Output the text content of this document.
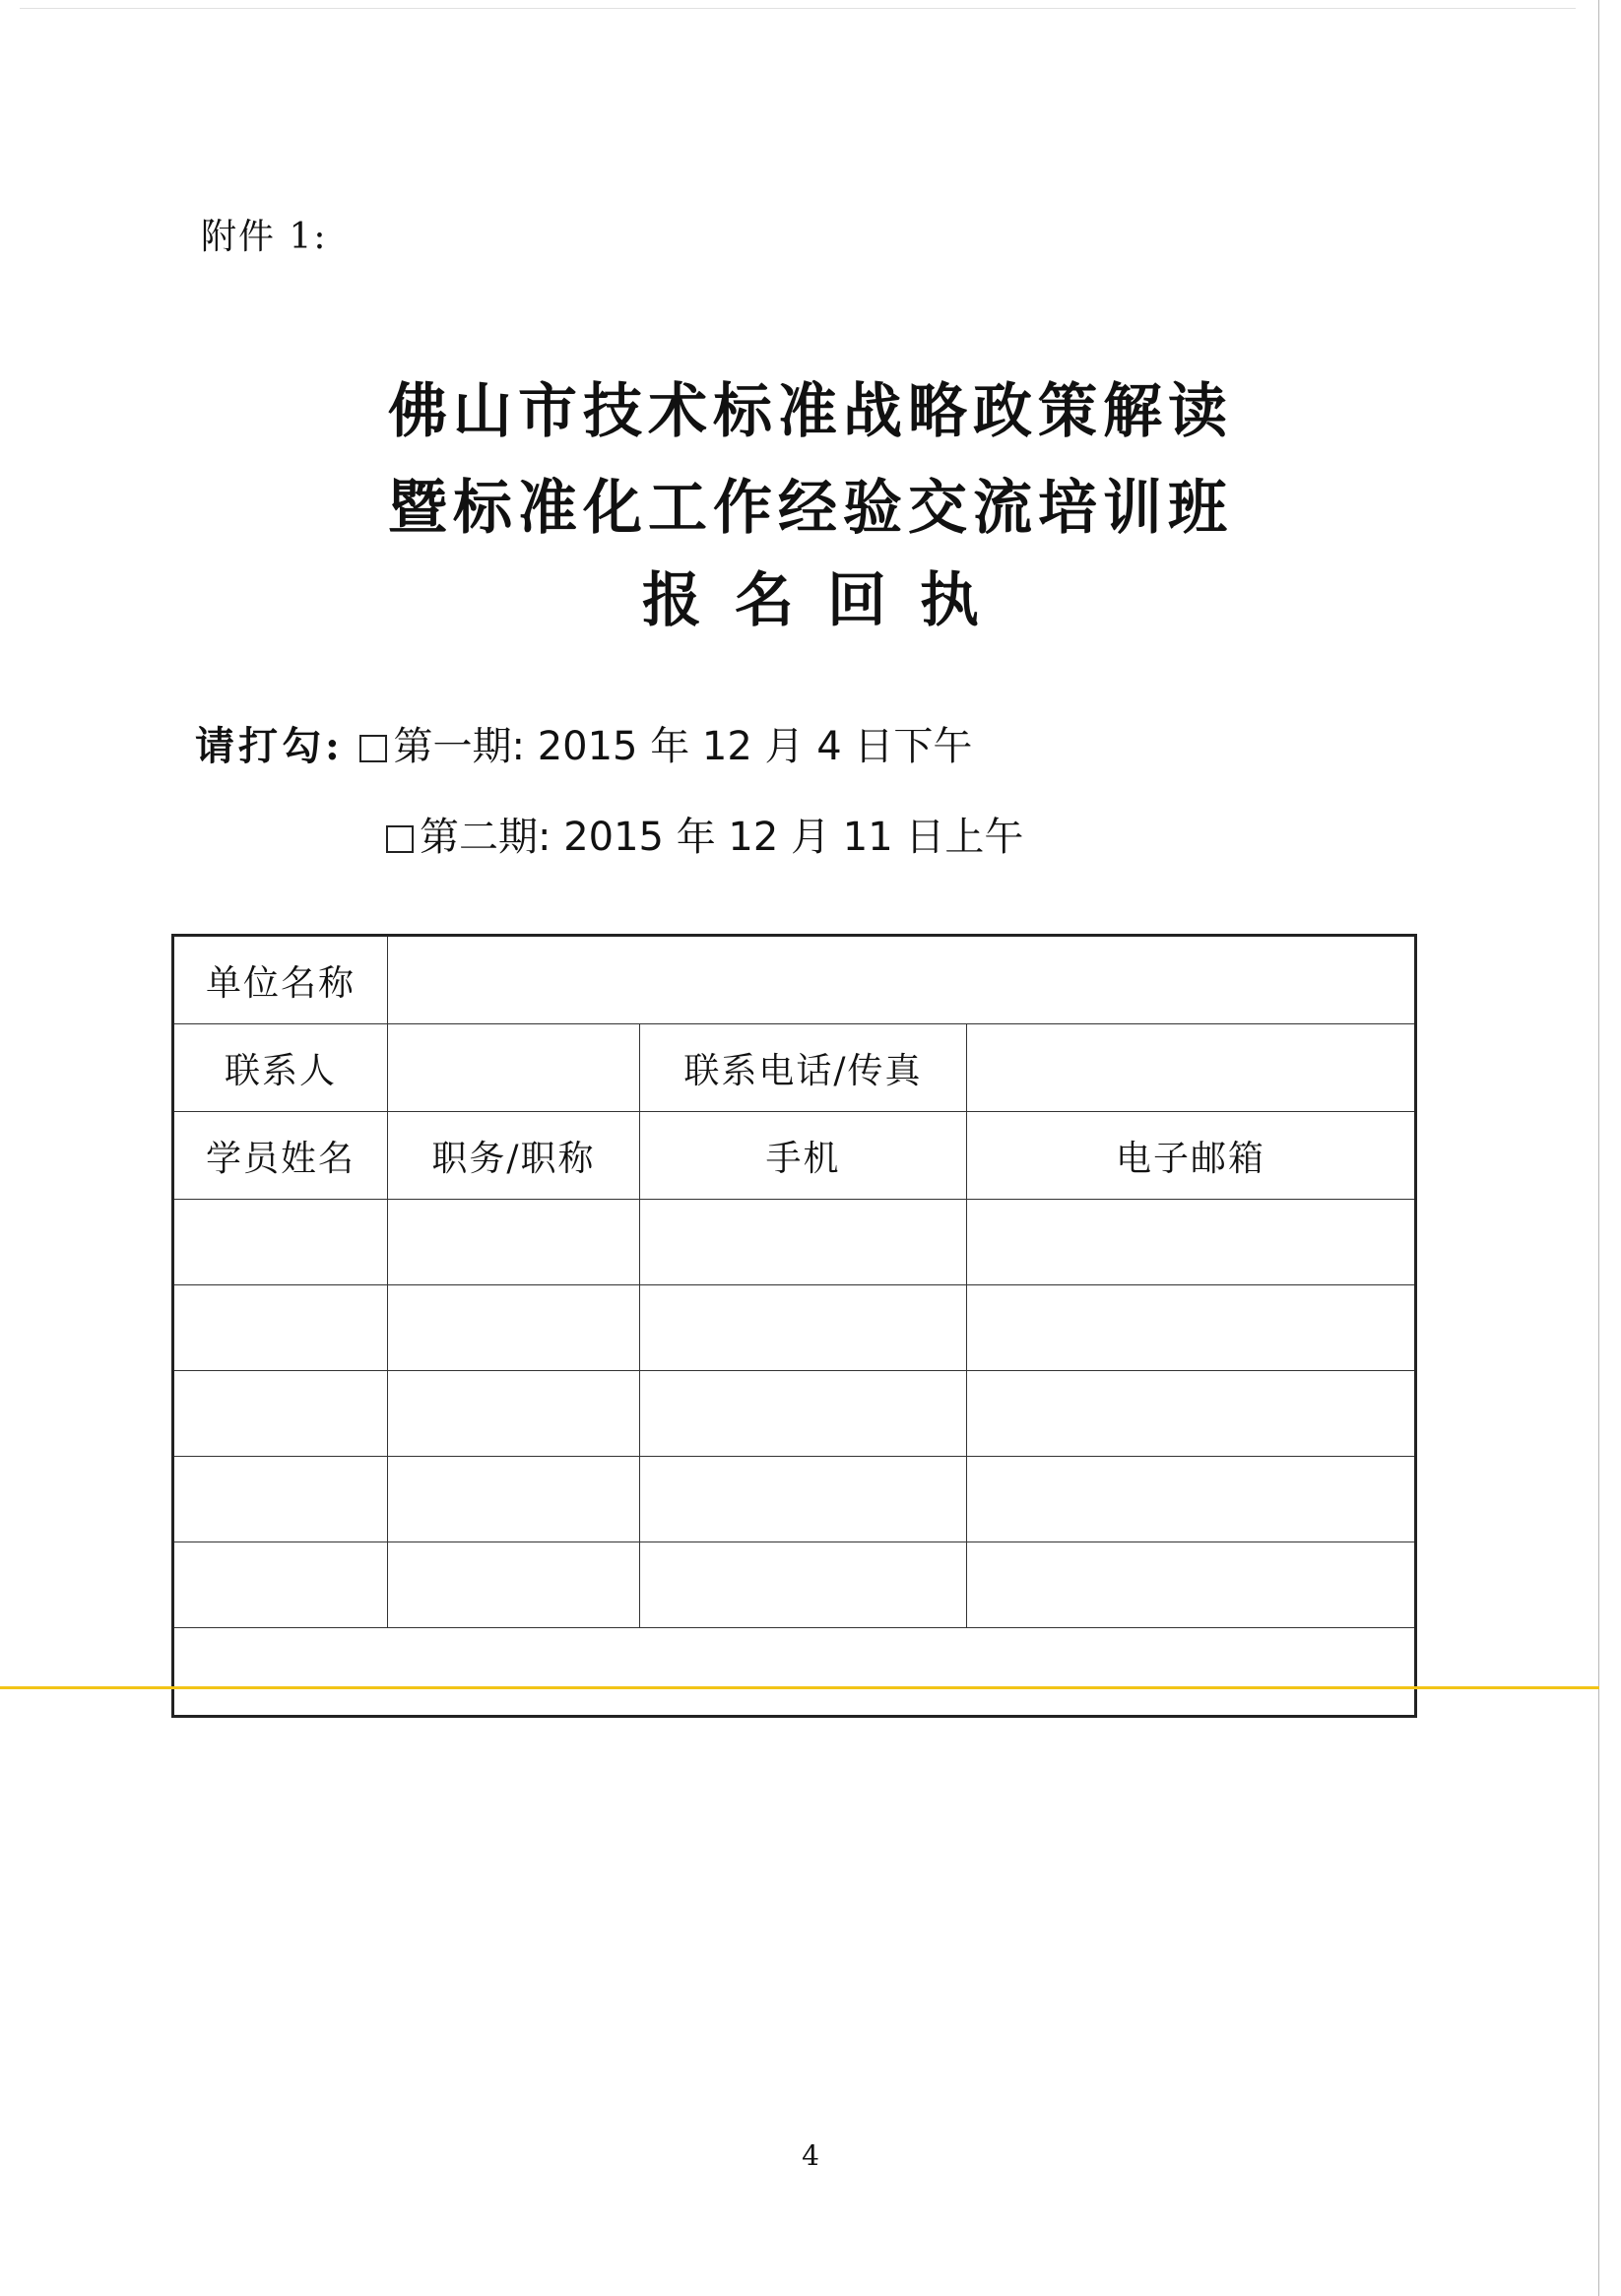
附件 1:
佛山市技术标准战略政策解读
暨标准化工作经验交流培训班
报名回执
请打勾: 第一期: 2015 年 12 月 4 日下午
第二期: 2015 年 12 月 11 日上午
单位名称			
联系人		联系电话/传真	
学员姓名	职务/职称	手机	电子邮箱

4
